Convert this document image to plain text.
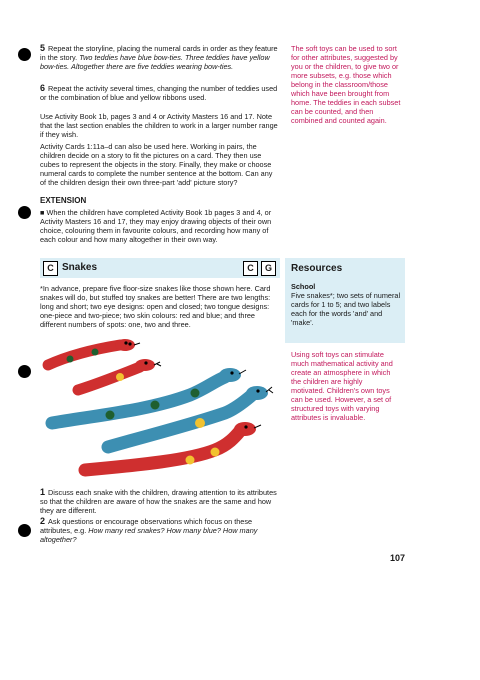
5 Repeat the storyline, placing the numeral cards in order as they feature in the story. Two teddies have blue bow-ties. Three teddies have yellow bow-ties. Altogether there are five teddies wearing bow-ties.

6 Repeat the activity several times, changing the number of teddies used or the combination of blue and yellow ribbons used.

Use Activity Book 1b, pages 3 and 4 or Activity Masters 16 and 17. Note that the last section enables the children to work in a larger number range if they wish.

Activity Cards 1:11a–d can also be used here. Working in pairs, the children decide on a story to fit the pictures on a card. They then use cubes to represent the objects in the story. Finally, they make or choose numeral cards to complete the number sentence at the bottom. Can any of the children design their own three-part 'add' picture story?

EXTENSION

■ When the children have completed Activity Book 1b pages 3 and 4, or Activity Masters 16 and 17, they may enjoy drawing objects of their own choice, colouring them in favourite colours, and recording how many of each colour and how many altogether in their own way.

The soft toys can be used to sort for other attributes, suggested by you or the children, to give two or more subsets, e.g. those which belong in the classroom/those which have been brought from home. The teddies in each subset can be counted, and then combined and counted again.
C Snakes	C	G

*In advance, prepare five floor-size snakes like those shown here. Card snakes will do, but stuffed toy snakes are better! There are two lengths: long and short; two eye designs: open and closed; two tongue designs: one-piece and two-piece; two skin colours: red and blue; and three different numbers of spots: one, two and three.

Resources
School
Five snakes*; two sets of numeral cards for 1 to 5; and two labels each for the words 'and' and 'make'.
Using soft toys can stimulate much mathematical activity and create an atmosphere in which the children are highly motivated. Children's own toys can be used. However, a set of structured toys with varying attributes is invaluable.

1 Discuss each snake with the children, drawing attention to its attributes so that the children are aware of how the snakes are the same and how they are different.

2 Ask questions or encourage observations which focus on these attributes, e.g. How many red snakes? How many blue? How many altogether?

107
